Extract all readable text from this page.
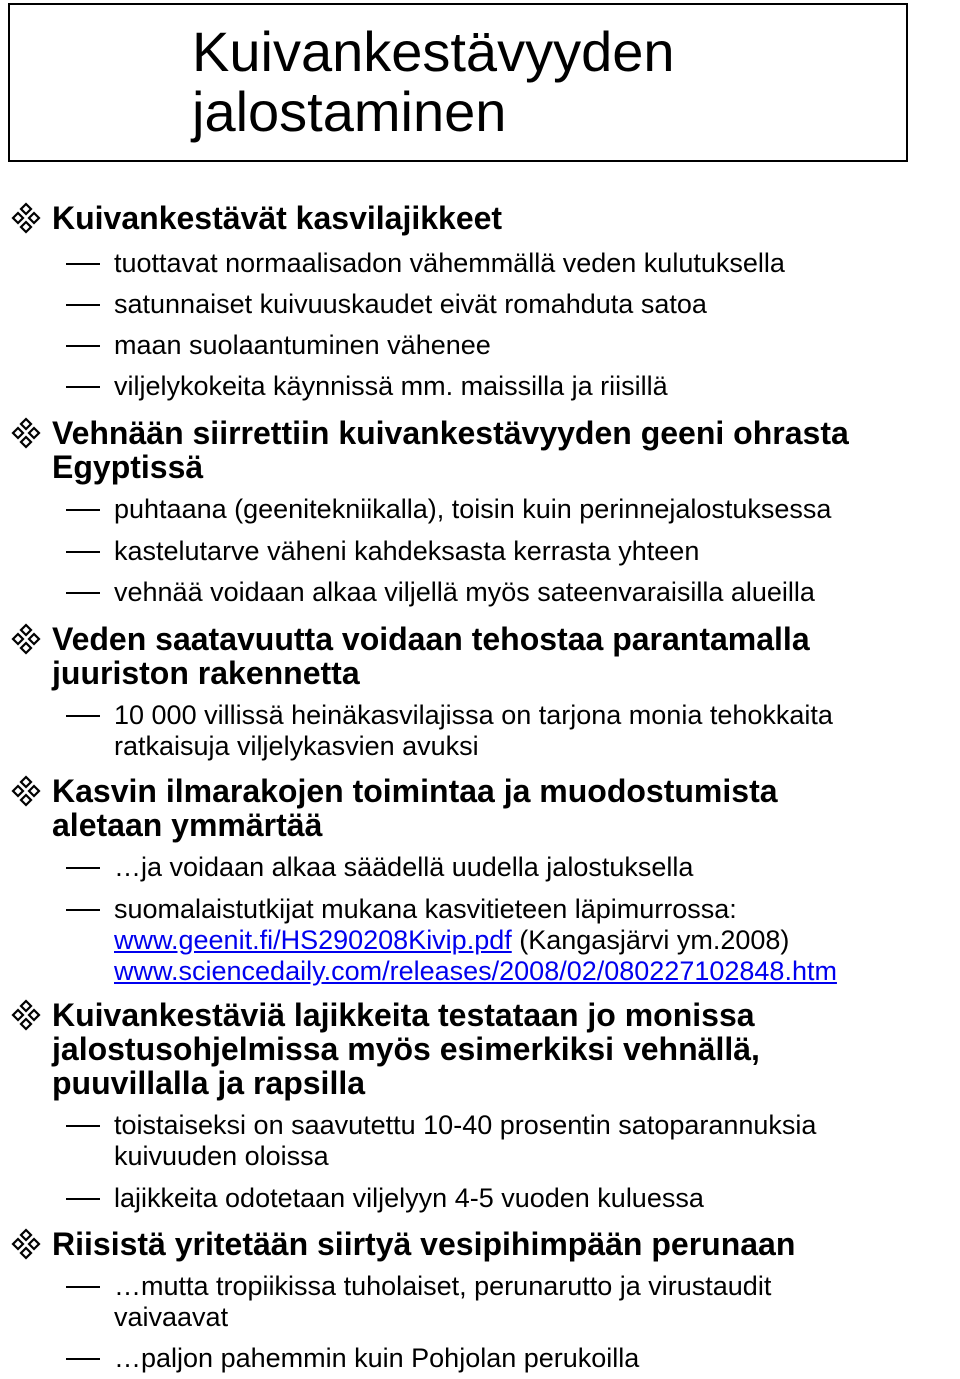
Kuivankestävyyden
jalostaminen
Kuivankestävät kasvilajikkeet
tuottavat normaalisadon vähemmällä veden kulutuksella
satunnaiset kuivuuskaudet eivät romahduta satoa
maan suolaantuminen vähenee
viljelykokeita käynnissä mm. maissilla ja riisillä
Vehnään siirrettiin kuivankestävyyden geeni ohrasta
Egyptissä
puhtaana (geenitekniikalla), toisin kuin perinnejalostuksessa
kastelutarve väheni kahdeksasta kerrasta yhteen
vehnää voidaan alkaa viljellä myös sateenvaraisilla alueilla
Veden saatavuutta voidaan tehostaa parantamalla
juuriston rakennetta
10 000 villissä heinäkasvilajissa on tarjona monia tehokkaita
ratkaisuja viljelykasvien avuksi
Kasvin ilmarakojen toimintaa ja muodostumista
aletaan ymmärtää
…ja voidaan alkaa säädellä uudella jalostuksella
suomalaistutkijat mukana kasvitieteen läpimurrossa:
www.geenit.fi/HS290208Kivip.pdf (Kangasjärvi ym.2008)
www.sciencedaily.com/releases/2008/02/080227102848.htm
Kuivankestäviä lajikkeita testataan jo monissa
jalostusohjelmissa myös esimerkiksi vehnällä,
puuvillalla ja rapsilla
toistaiseksi on saavutettu 10-40 prosentin satoparannuksia
kuivuuden oloissa
lajikkeita odotetaan viljelyyn 4-5 vuoden kuluessa
Riisistä yritetään siirtyä vesipihimpään perunaan
…mutta tropiikissa tuholaiset, perunarutto ja virustaudit
vaivaavat
…paljon pahemmin kuin Pohjolan perukoilla
